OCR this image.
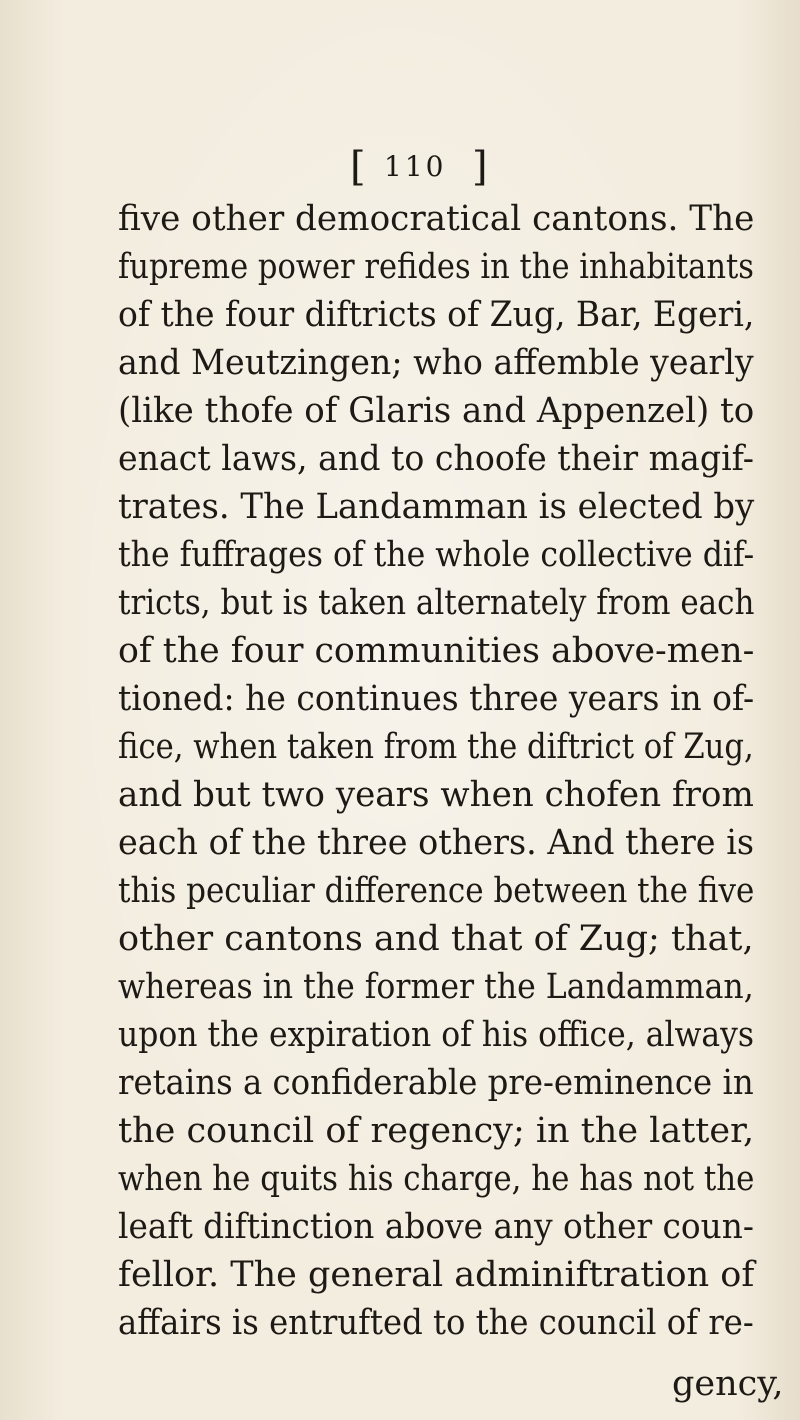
[ 110 ]
five other democratical cantons. The
fupreme power refides in the inhabitants
of the four diftricts of Zug, Bar, Egeri,
and Meutzingen; who affemble yearly
(like thofe of Glaris and Appenzel) to
enact laws, and to choofe their magif-
trates. The Landamman is elected by
the fuffrages of the whole collective dif-
tricts, but is taken alternately from each
of the four communities above-men-
tioned: he continues three years in of-
fice, when taken from the diftrict of Zug,
and but two years when chofen from
each of the three others. And there is
this peculiar difference between the five
other cantons and that of Zug; that,
whereas in the former the Landamman,
upon the expiration of his office, always
retains a confiderable pre-eminence in
the council of regency; in the latter,
when he quits his charge, he has not the
leaft diftinction above any other coun-
fellor. The general adminiftration of
affairs is entrufted to the council of re-
gency,
